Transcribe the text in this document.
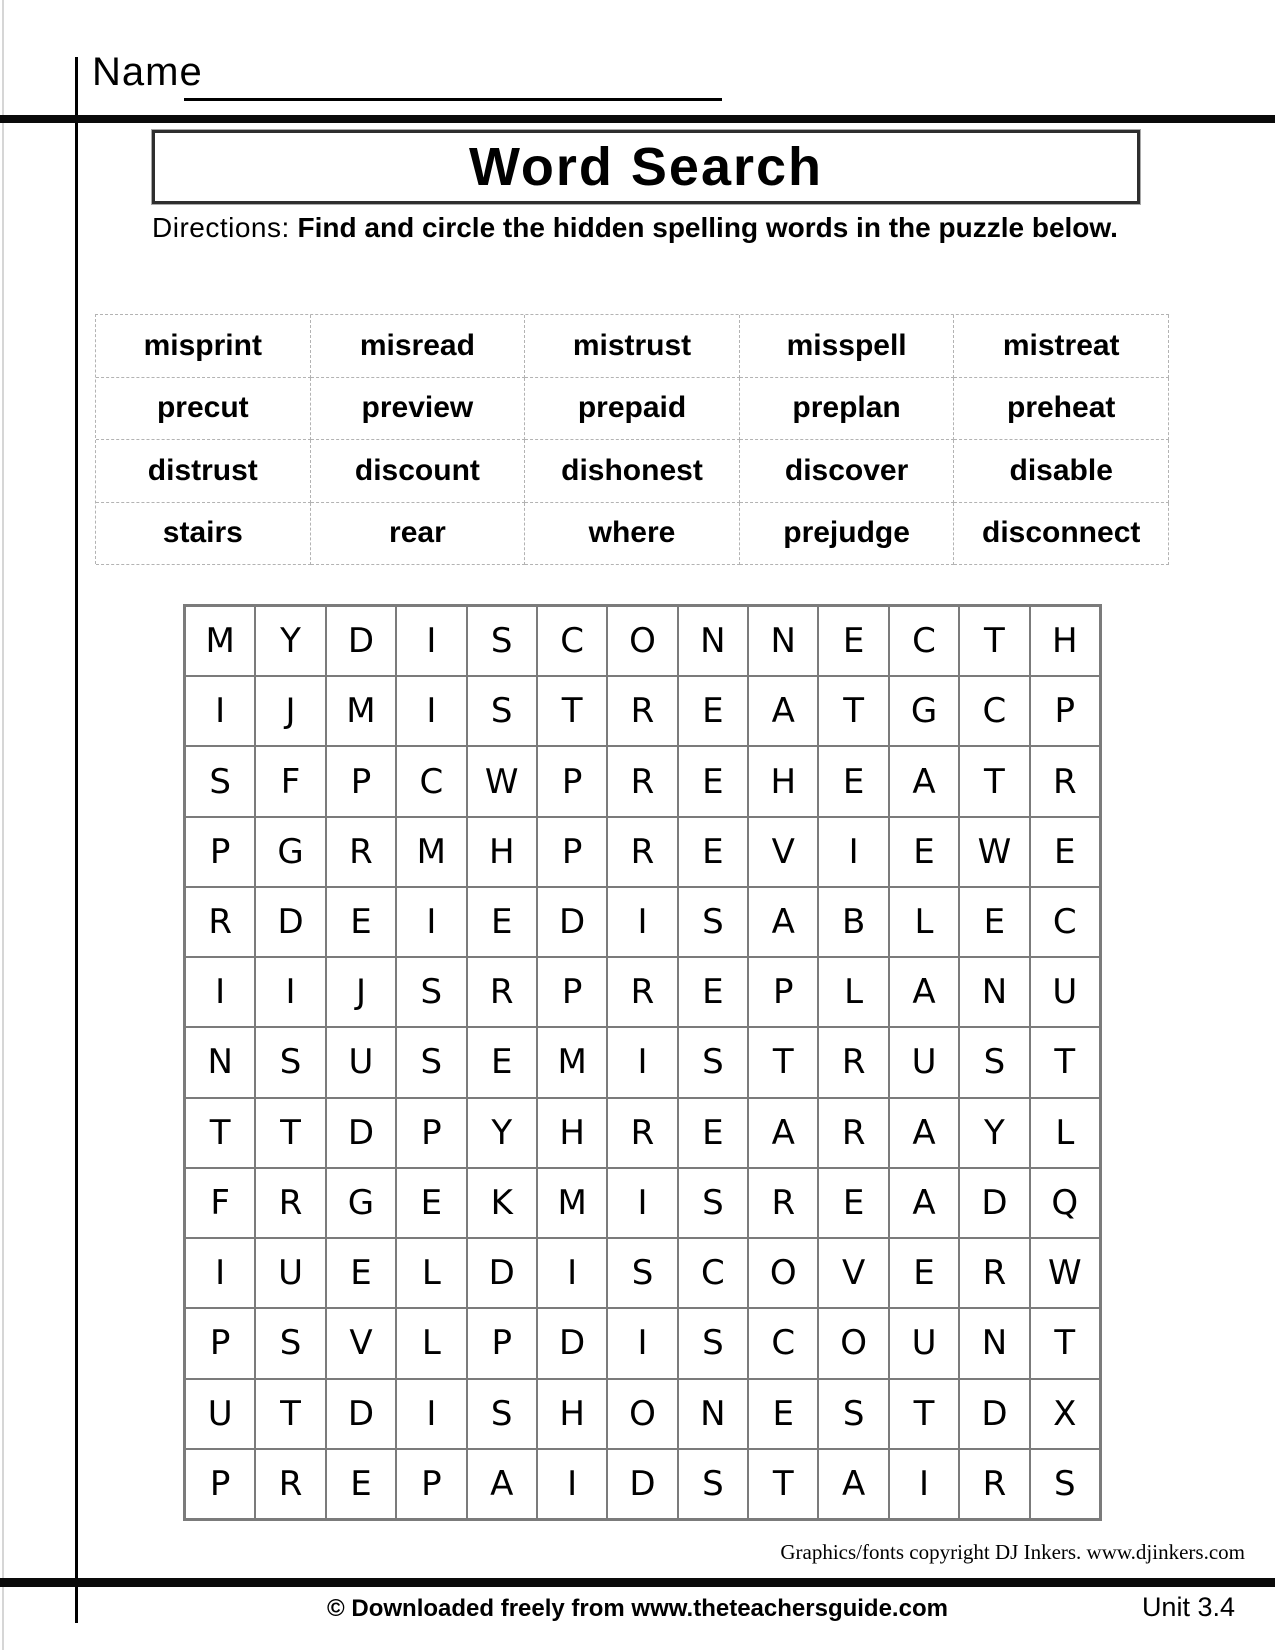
Name
Word Search
Directions: Find and circle the hidden spelling words in the puzzle below.
misprint	misread	mistrust	misspell	mistreat
precut	preview	prepaid	preplan	preheat
distrust	discount	dishonest	discover	disable
stairs	rear	where	prejudge	disconnect
M	Y	D	I	S	C	O	N	N	E	C	T	H
I	J	M	I	S	T	R	E	A	T	G	C	P
S	F	P	C	W	P	R	E	H	E	A	T	R
P	G	R	M	H	P	R	E	V	I	E	W	E
R	D	E	I	E	D	I	S	A	B	L	E	C
I	I	J	S	R	P	R	E	P	L	A	N	U
N	S	U	S	E	M	I	S	T	R	U	S	T
T	T	D	P	Y	H	R	E	A	R	A	Y	L
F	R	G	E	K	M	I	S	R	E	A	D	Q
I	U	E	L	D	I	S	C	O	V	E	R	W
P	S	V	L	P	D	I	S	C	O	U	N	T
U	T	D	I	S	H	O	N	E	S	T	D	X
P	R	E	P	A	I	D	S	T	A	I	R	S
Graphics/fonts copyright DJ Inkers. www.djinkers.com
© Downloaded freely from www.theteachersguide.com	Unit 3.4
